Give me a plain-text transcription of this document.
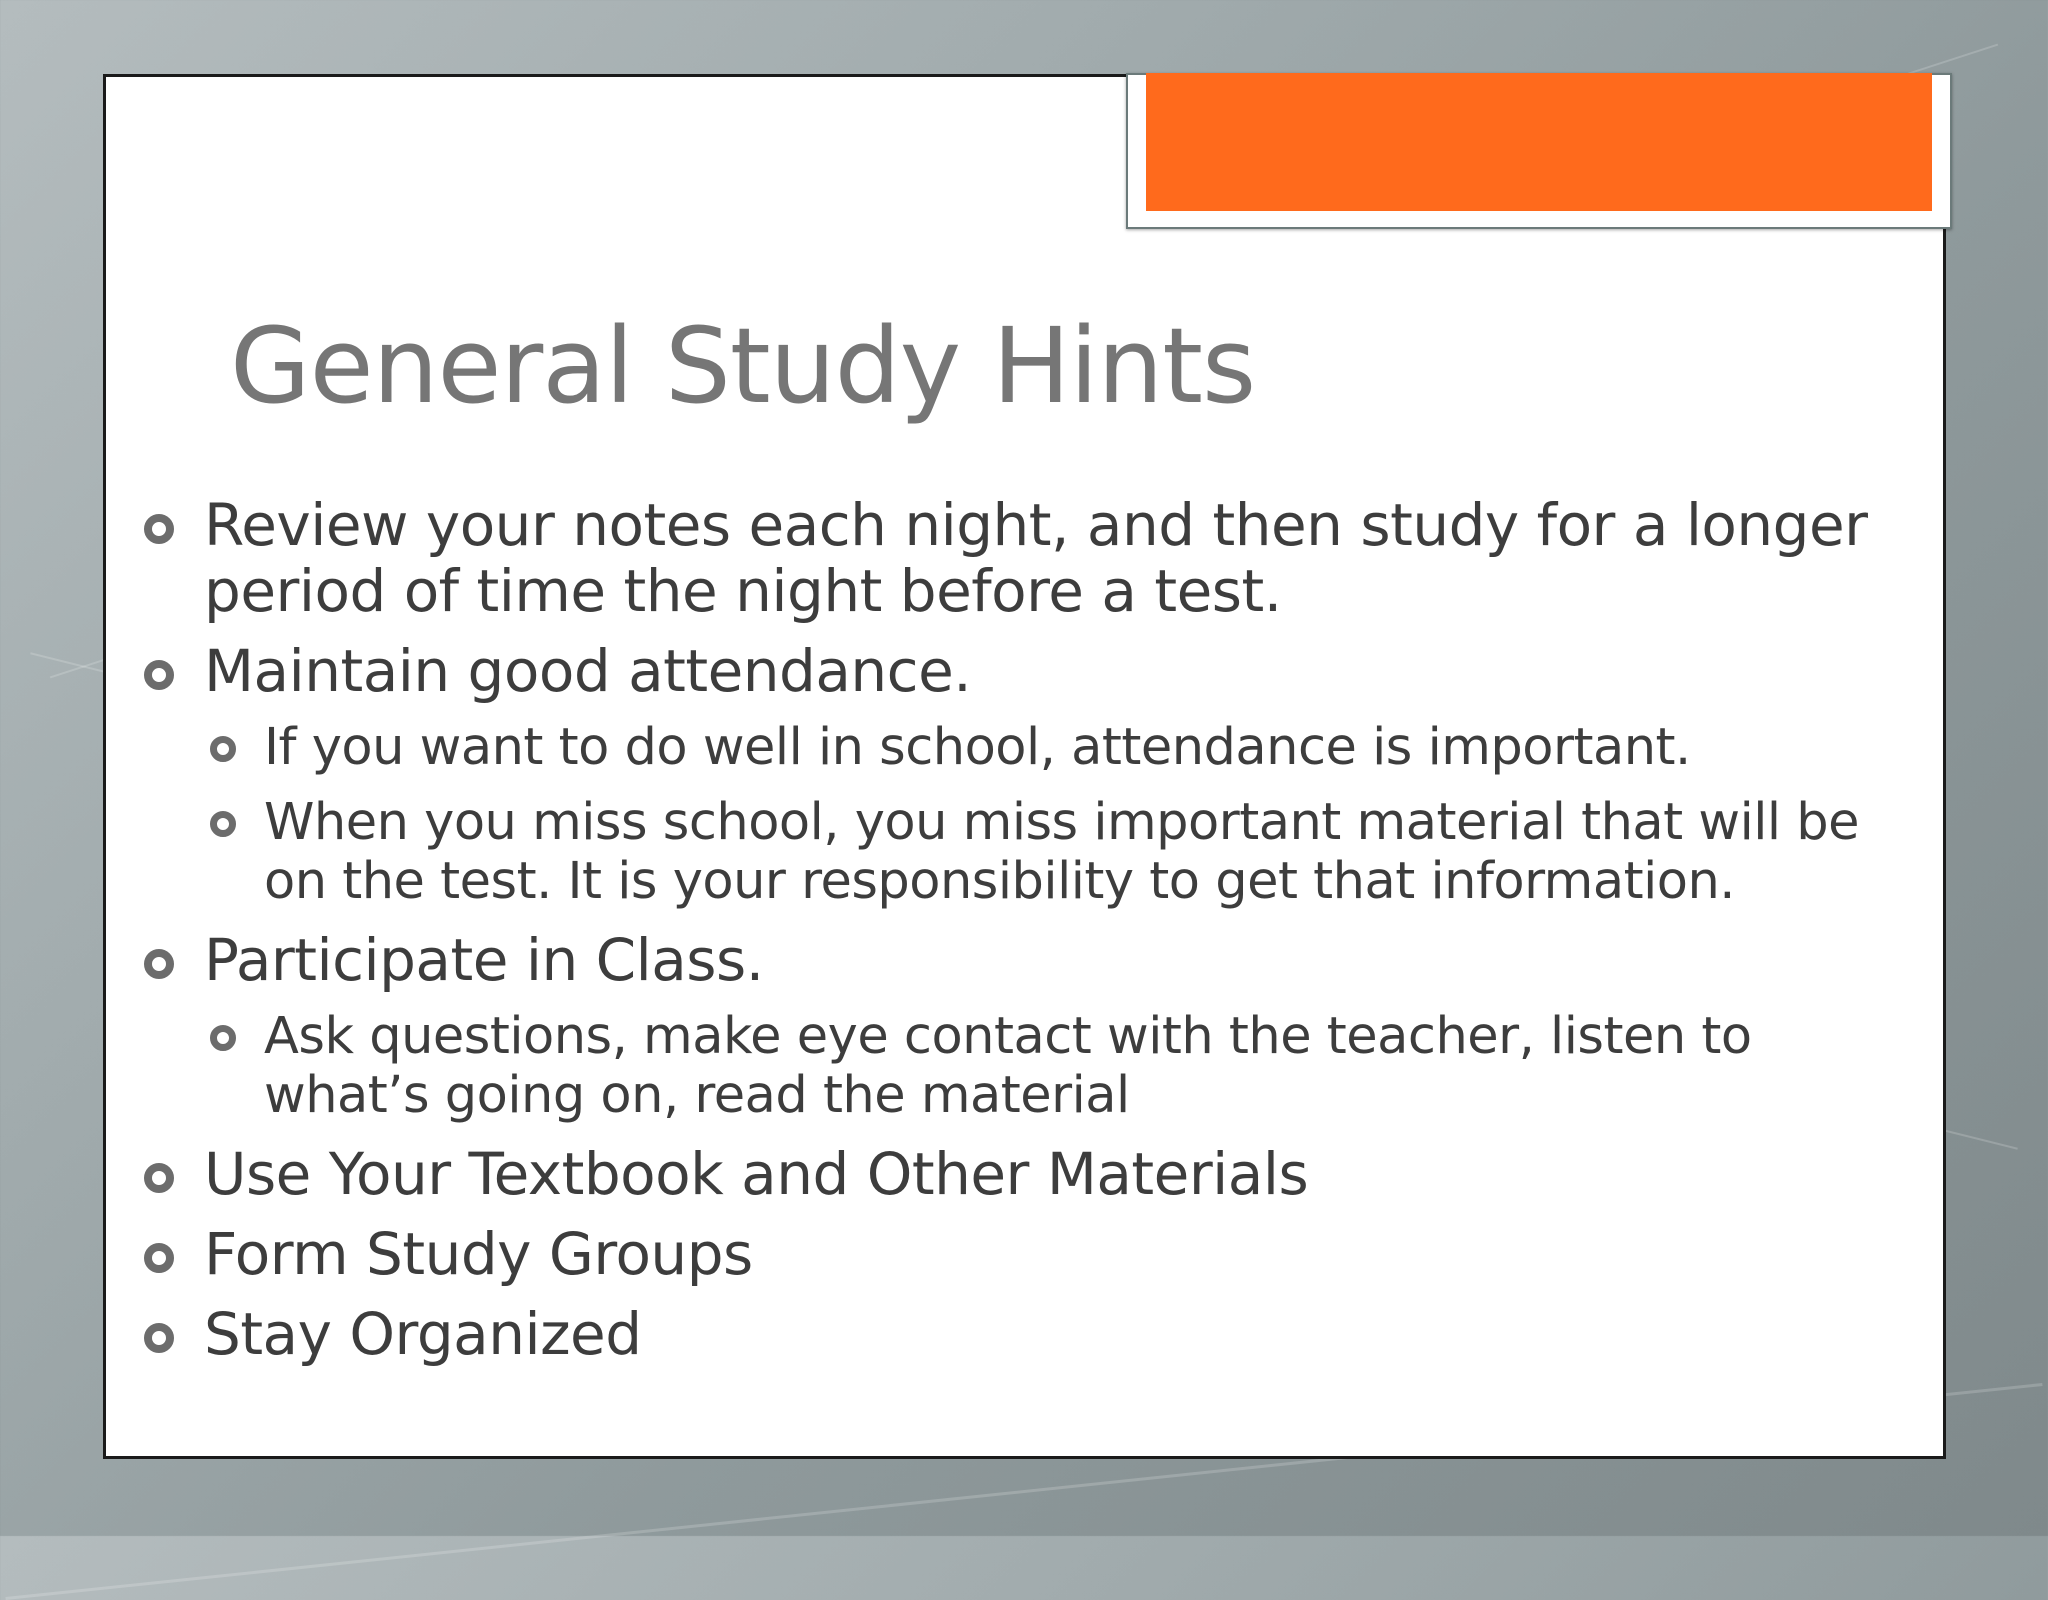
General Study Hints
Review your notes each night, and then study for a longer period of time the night before a test.
Maintain good attendance.
If you want to do well in school, attendance is important.
When you miss school, you miss important material that will be on the test. It is your responsibility to get that information.
Participate in Class.
Ask questions, make eye contact with the teacher, listen to what’s going on, read the material
Use Your Textbook and Other Materials
Form Study Groups
Stay Organized
